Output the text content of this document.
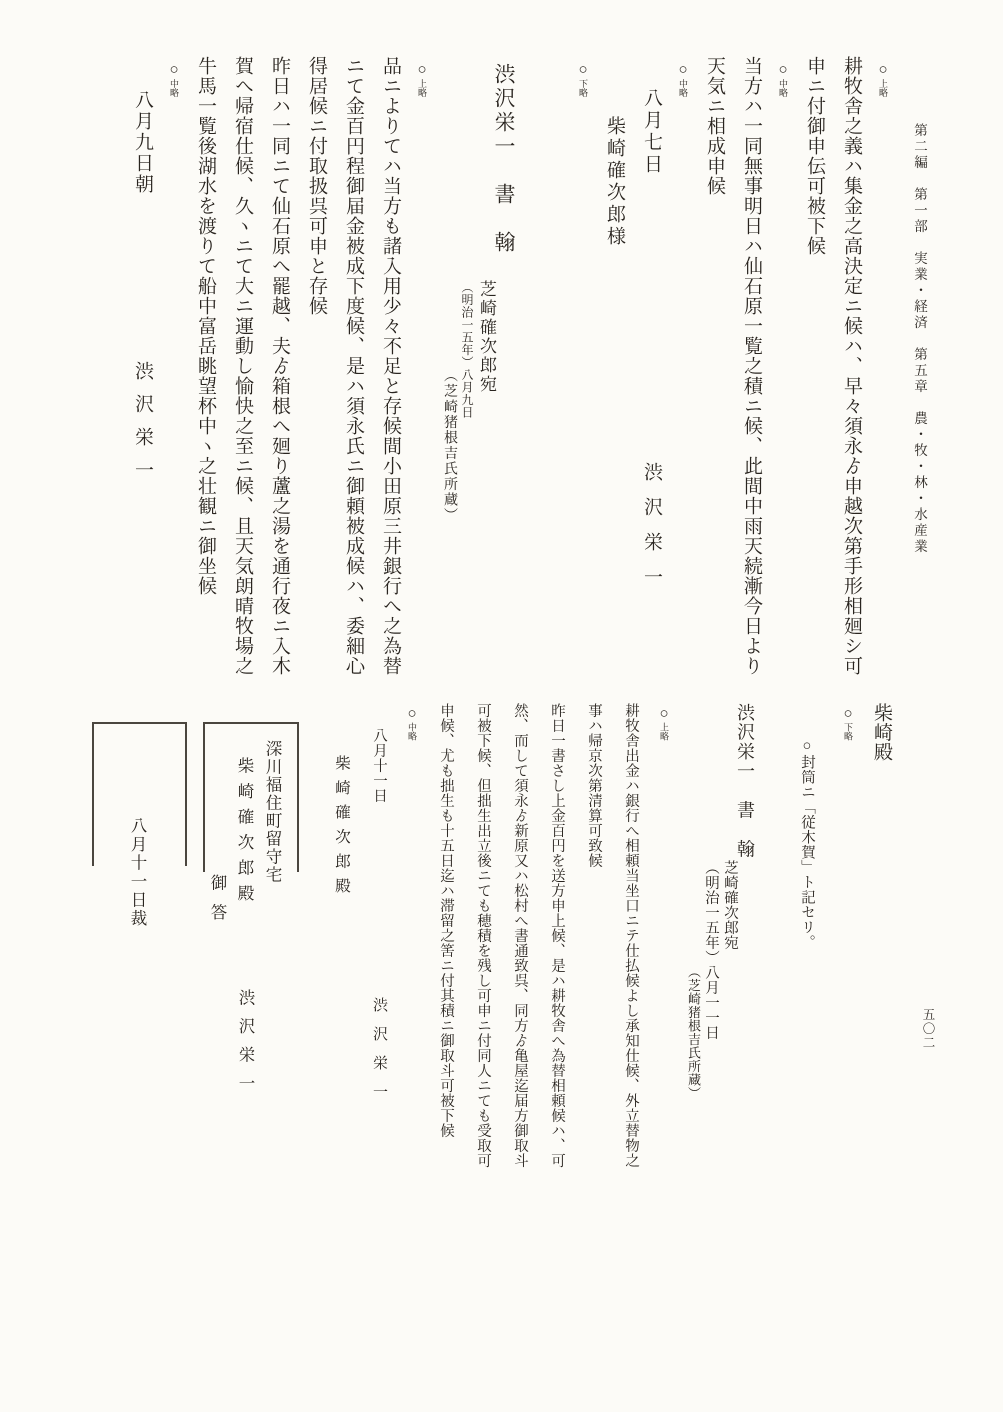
第二編　第一部　実業・経済　第五章　農・牧・林・水産業
○上略
耕牧舎之義ハ集金之高決定ニ候ハ、早々須永ゟ申越次第手形相廻シ可
申ニ付御申伝可被下候
○中略
当方ハ一同無事明日ハ仙石原一覧之積ニ候、此間中雨天続漸今日より
天気ニ相成申候
○中略
八月七日 渋沢栄一
柴崎確次郎様
○下略
渋沢栄一　書　翰
芝崎確次郎宛
（明治一五年）八月九日
（芝崎猪根吉氏所蔵）
○上略
品ニよりてハ当方も諸入用少々不足と存候間小田原三井銀行へ之為替
ニて金百円程御届金被成下度候、是ハ須永氏ニ御頼被成候ハ、委細心
得居候ニ付取扱呉可申と存候
昨日ハ一同ニて仙石原へ罷越、夫ゟ箱根へ廻り蘆之湯を通行夜ニ入木
賀へ帰宿仕候、久ヽニて大ニ運動し愉快之至ニ候、且天気朗晴牧場之
牛馬一覧後湖水を渡りて船中富岳眺望杯中ヽ之壮観ニ御坐候
○中略
八月九日朝 渋沢栄一
柴崎殿
○下略
○封筒ニ「従木賀」ト記セリ。
渋沢栄一　書　翰
芝崎確次郎宛
（明治一五年）八月一一日
（芝崎猪根吉氏所蔵）
○上略
耕牧舎出金ハ銀行へ相頼当坐口ニテ仕払候よし承知仕候、外立替物之
事ハ帰京次第清算可致候
昨日一書さし上金百円を送方申上候、是ハ耕牧舎へ為替相頼候ハ、可
然、而して須永ゟ新原又ハ松村へ書通致呉、同方ゟ亀屋迄届方御取斗
可被下候、但拙生出立後ニても穂積を残し可申ニ付同人ニても受取可
申候、尤も拙生も十五日迄ハ滞留之筈ニ付其積ニ御取斗可被下候
○中略
八月十一日 渋沢栄一
柴崎確次郎殿
深川福住町留守宅
柴崎確次郎殿
御答
渋沢栄一
八月十一日裁
五〇二
